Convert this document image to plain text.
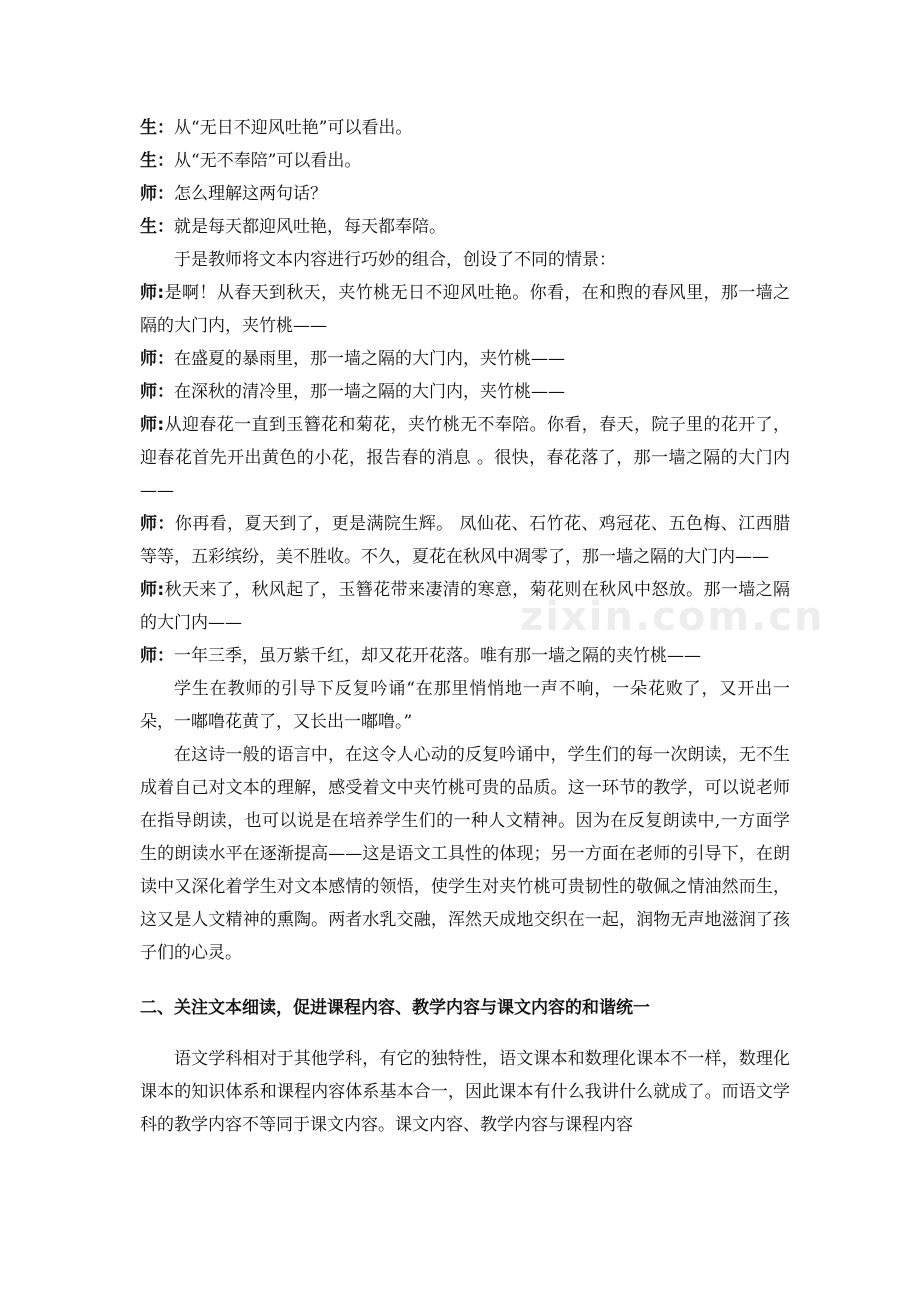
生：从“无日不迎风吐艳”可以看出。

生：从“无不奉陪”可以看出。

师：怎么理解这两句话？

生：就是每天都迎风吐艳，每天都奉陪。

于是教师将文本内容进行巧妙的组合，创设了不同的情景：

师:是啊！从春天到秋天，夹竹桃无日不迎风吐艳。你看，在和煦的春风里，那一墙之隔的大门内，夹竹桃——

师：在盛夏的暴雨里，那一墙之隔的大门内，夹竹桃——

师：在深秋的清冷里，那一墙之隔的大门内，夹竹桃——

师:从迎春花一直到玉簪花和菊花，夹竹桃无不奉陪。你看，春天，院子里的花开了，迎春花首先开出黄色的小花，报告春的消息 。很快，春花落了，那一墙之隔的大门内——

师：你再看，夏天到了，更是满院生辉。 凤仙花、石竹花、鸡冠花、五色梅、江西腊等等，五彩缤纷，美不胜收。不久，夏花在秋风中凋零了，那一墙之隔的大门内——

师:秋天来了，秋风起了，玉簪花带来凄清的寒意，菊花则在秋风中怒放。那一墙之隔的大门内——

师：一年三季，虽万紫千红，却又花开花落。唯有那一墙之隔的夹竹桃——

学生在教师的引导下反复吟诵“在那里悄悄地一声不响，一朵花败了，又开出一朵，一嘟噜花黄了，又长出一嘟噜。”

在这诗一般的语言中，在这令人心动的反复吟诵中，学生们的每一次朗读，无不生成着自己对文本的理解，感受着文中夹竹桃可贵的品质。这一环节的教学，可以说老师在指导朗读，也可以说是在培养学生们的一种人文精神。因为在反复朗读中,一方面学生的朗读水平在逐渐提高——这是语文工具性的体现；另一方面在老师的引导下，在朗读中又深化着学生对文本感情的领悟，使学生对夹竹桃可贵韧性的敬佩之情油然而生，这又是人文精神的熏陶。两者水乳交融，浑然天成地交织在一起，润物无声地滋润了孩子们的心灵。

二、关注文本细读，促进课程内容、教学内容与课文内容的和谐统一

语文学科相对于其他学科，有它的独特性，语文课本和数理化课本不一样，数理化课本的知识体系和课程内容体系基本合一，因此课本有什么我讲什么就成了。而语文学科的教学内容不等同于课文内容。课文内容、教学内容与课程内容

zixin.com.cn
